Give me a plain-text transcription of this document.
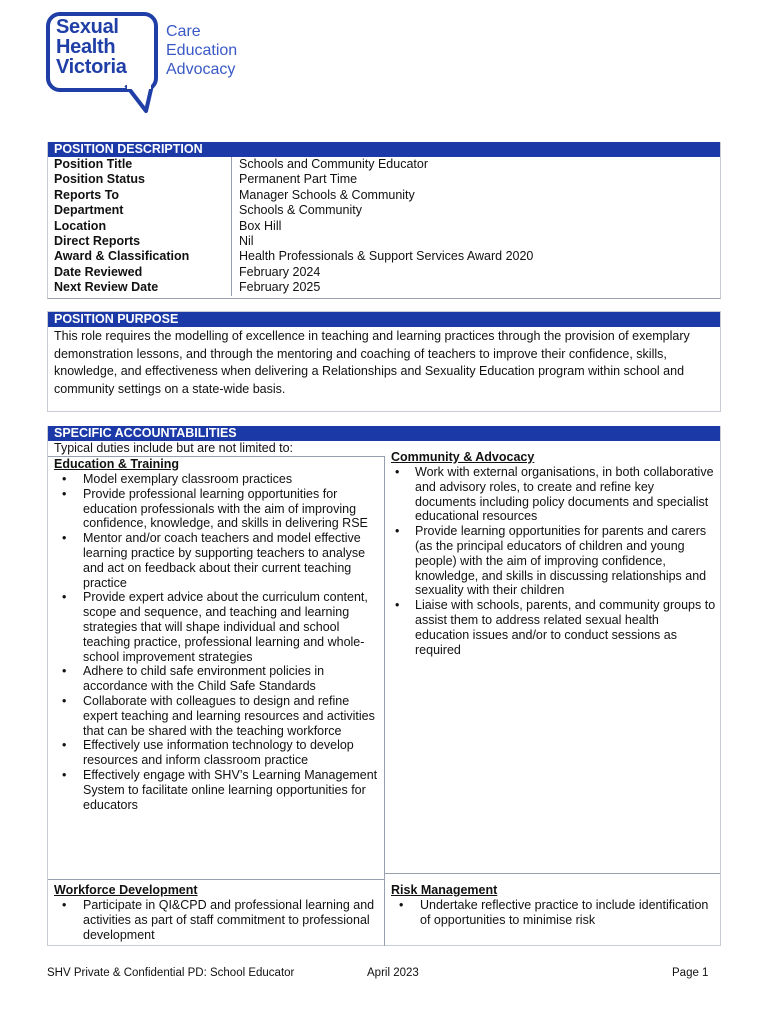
Sexual
Health
Victoria
Care
Education
Advocacy
POSITION DESCRIPTION
Position Title	Schools and Community Educator
Position Status	Permanent Part Time
Reports To	Manager Schools & Community
Department	Schools & Community
Location	Box Hill
Direct Reports	Nil
Award & Classification	Health Professionals & Support Services Award 2020
Date Reviewed	February 2024
Next Review Date	February 2025
POSITION PURPOSE
This role requires the modelling of excellence in teaching and learning practices through the provision of exemplary demonstration lessons, and through the mentoring and coaching of teachers to improve their confidence, skills, knowledge, and effectiveness when delivering a Relationships and Sexuality Education program within school and community settings on a state-wide basis.
SPECIFIC ACCOUNTABILITIES
Typical duties include but are not limited to:
Education & Training
• Model exemplary classroom practices
• Provide professional learning opportunities for education professionals with the aim of improving confidence, knowledge, and skills in delivering RSE
• Mentor and/or coach teachers and model effective learning practice by supporting teachers to analyse and act on feedback about their current teaching practice
• Provide expert advice about the curriculum content, scope and sequence, and teaching and learning strategies that will shape individual and school teaching practice, professional learning and whole-school improvement strategies
• Adhere to child safe environment policies in accordance with the Child Safe Standards
• Collaborate with colleagues to design and refine expert teaching and learning resources and activities that can be shared with the teaching workforce
• Effectively use information technology to develop resources and inform classroom practice
• Effectively engage with SHV’s Learning Management System to facilitate online learning opportunities for educators
Community & Advocacy
• Work with external organisations, in both collaborative and advisory roles, to create and refine key documents including policy documents and specialist educational resources
• Provide learning opportunities for parents and carers (as the principal educators of children and young people) with the aim of improving confidence, knowledge, and skills in discussing relationships and sexuality with their children
• Liaise with schools, parents, and community groups to assist them to address related sexual health education issues and/or to conduct sessions as required
Workforce Development
• Participate in QI&CPD and professional learning and activities as part of staff commitment to professional development
Risk Management
• Undertake reflective practice to include identification of opportunities to minimise risk
SHV Private & Confidential PD: School Educator	April 2023	Page 1
